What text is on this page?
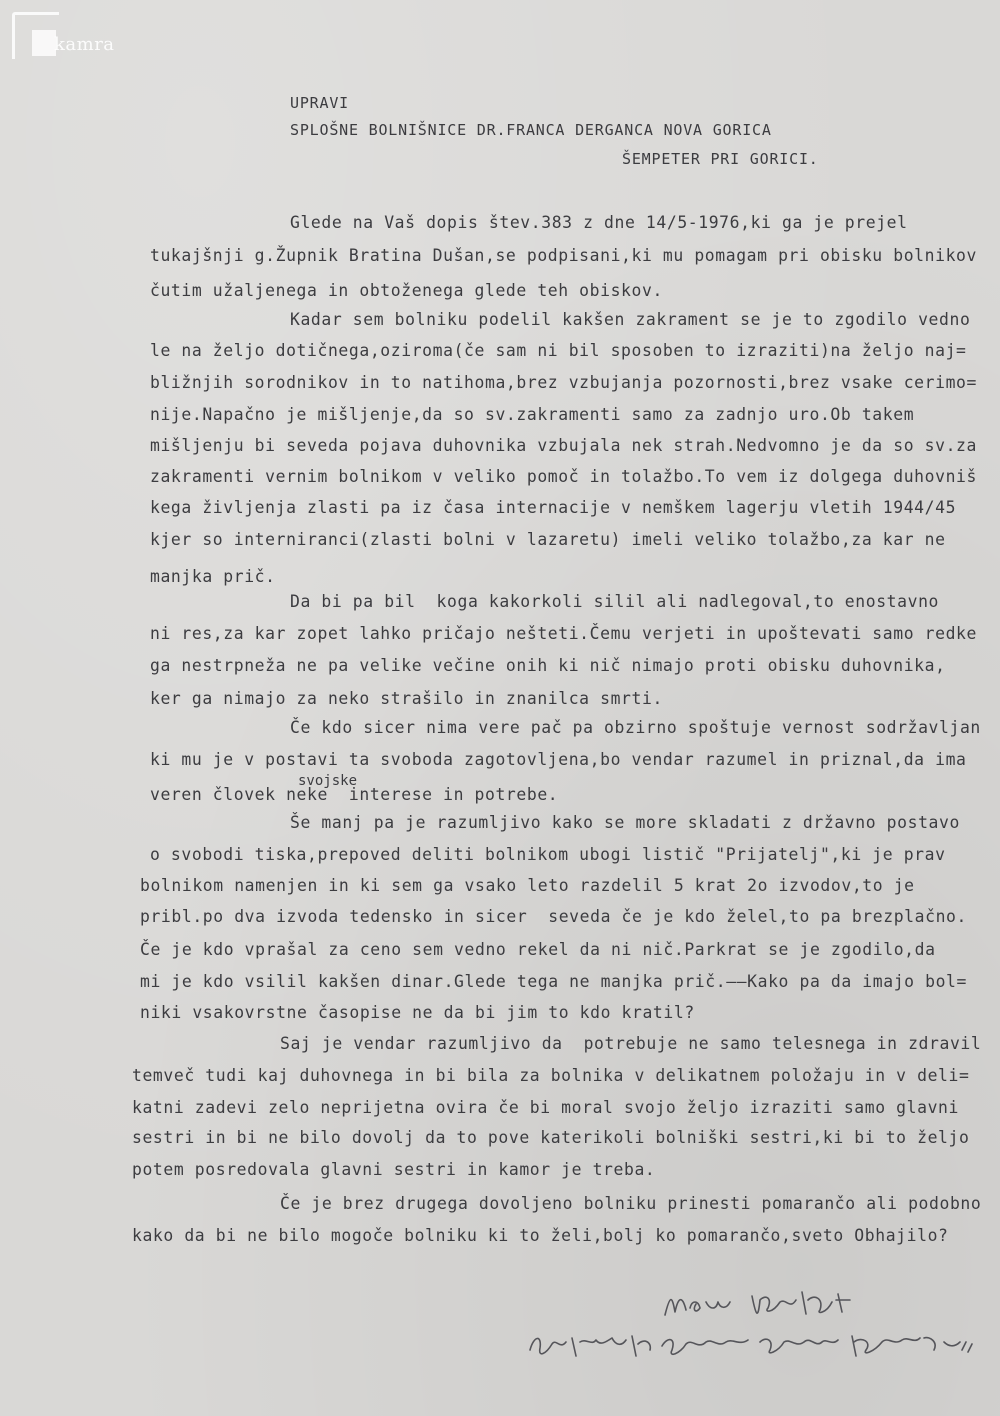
kamra
UPRAVI
SPLOŠNE BOLNIŠNICE DR.FRANCA DERGANCA NOVA GORICA
ŠEMPETER PRI GORICI.
Glede na Vaš dopis štev.383 z dne 14/5-1976,ki ga je prejel
tukajšnji g.Župnik Bratina Dušan,se podpisani,ki mu pomagam pri obisku bolnikov
čutim užaljenega in obtoženega glede teh obiskov.
Kadar sem bolniku podelil kakšen zakrament se je to zgodilo vedno
le na željo dotičnega,oziroma(če sam ni bil sposoben to izraziti)na željo naj=
bližnjih sorodnikov in to natihoma,brez vzbujanja pozornosti,brez vsake cerimo=
nije.Napačno je mišljenje,da so sv.zakramenti samo za zadnjo uro.Ob takem
mišljenju bi seveda pojava duhovnika vzbujala nek strah.Nedvomno je da so sv.za
zakramenti vernim bolnikom v veliko pomoč in tolažbo.To vem iz dolgega duhovniš
kega življenja zlasti pa iz časa internacije v nemškem lagerju vletih 1944/45
kjer so interniranci(zlasti bolni v lazaretu) imeli veliko tolažbo,za kar ne
manjka prič.
Da bi pa bil  koga kakorkoli silil ali nadlegoval,to enostavno
ni res,za kar zopet lahko pričajo nešteti.Čemu verjeti in upoštevati samo redke
ga nestrpneža ne pa velike večine onih ki nič nimajo proti obisku duhovnika,
ker ga nimajo za neko strašilo in znanilca smrti.
Če kdo sicer nima vere pač pa obzirno spoštuje vernost sodržavljan
ki mu je v postavi ta svoboda zagotovljena,bo vendar razumel in priznal,da ima
svojske
veren človek neke  interese in potrebe.
Še manj pa je razumljivo kako se more skladati z državno postavo
o svobodi tiska,prepoved deliti bolnikom ubogi listič "Prijatelj",ki je prav
bolnikom namenjen in ki sem ga vsako leto razdelil 5 krat 2o izvodov,to je
pribl.po dva izvoda tedensko in sicer  seveda če je kdo želel,to pa brezplačno.
Če je kdo vprašal za ceno sem vedno rekel da ni nič.Parkrat se je zgodilo,da
mi je kdo vsilil kakšen dinar.Glede tega ne manjka prič.——Kako pa da imajo bol=
niki vsakovrstne časopise ne da bi jim to kdo kratil?
Saj je vendar razumljivo da  potrebuje ne samo telesnega in zdravil
temveč tudi kaj duhovnega in bi bila za bolnika v delikatnem položaju in v deli=
katni zadevi zelo neprijetna ovira če bi moral svojo željo izraziti samo glavni
sestri in bi ne bilo dovolj da to pove katerikoli bolniški sestri,ki bi to željo
potem posredovala glavni sestri in kamor je treba.
Če je brez drugega dovoljeno bolniku prinesti pomarančo ali podobno
kako da bi ne bilo mogoče bolniku ki to želi,bolj ko pomarančo,sveto Obhajilo?
